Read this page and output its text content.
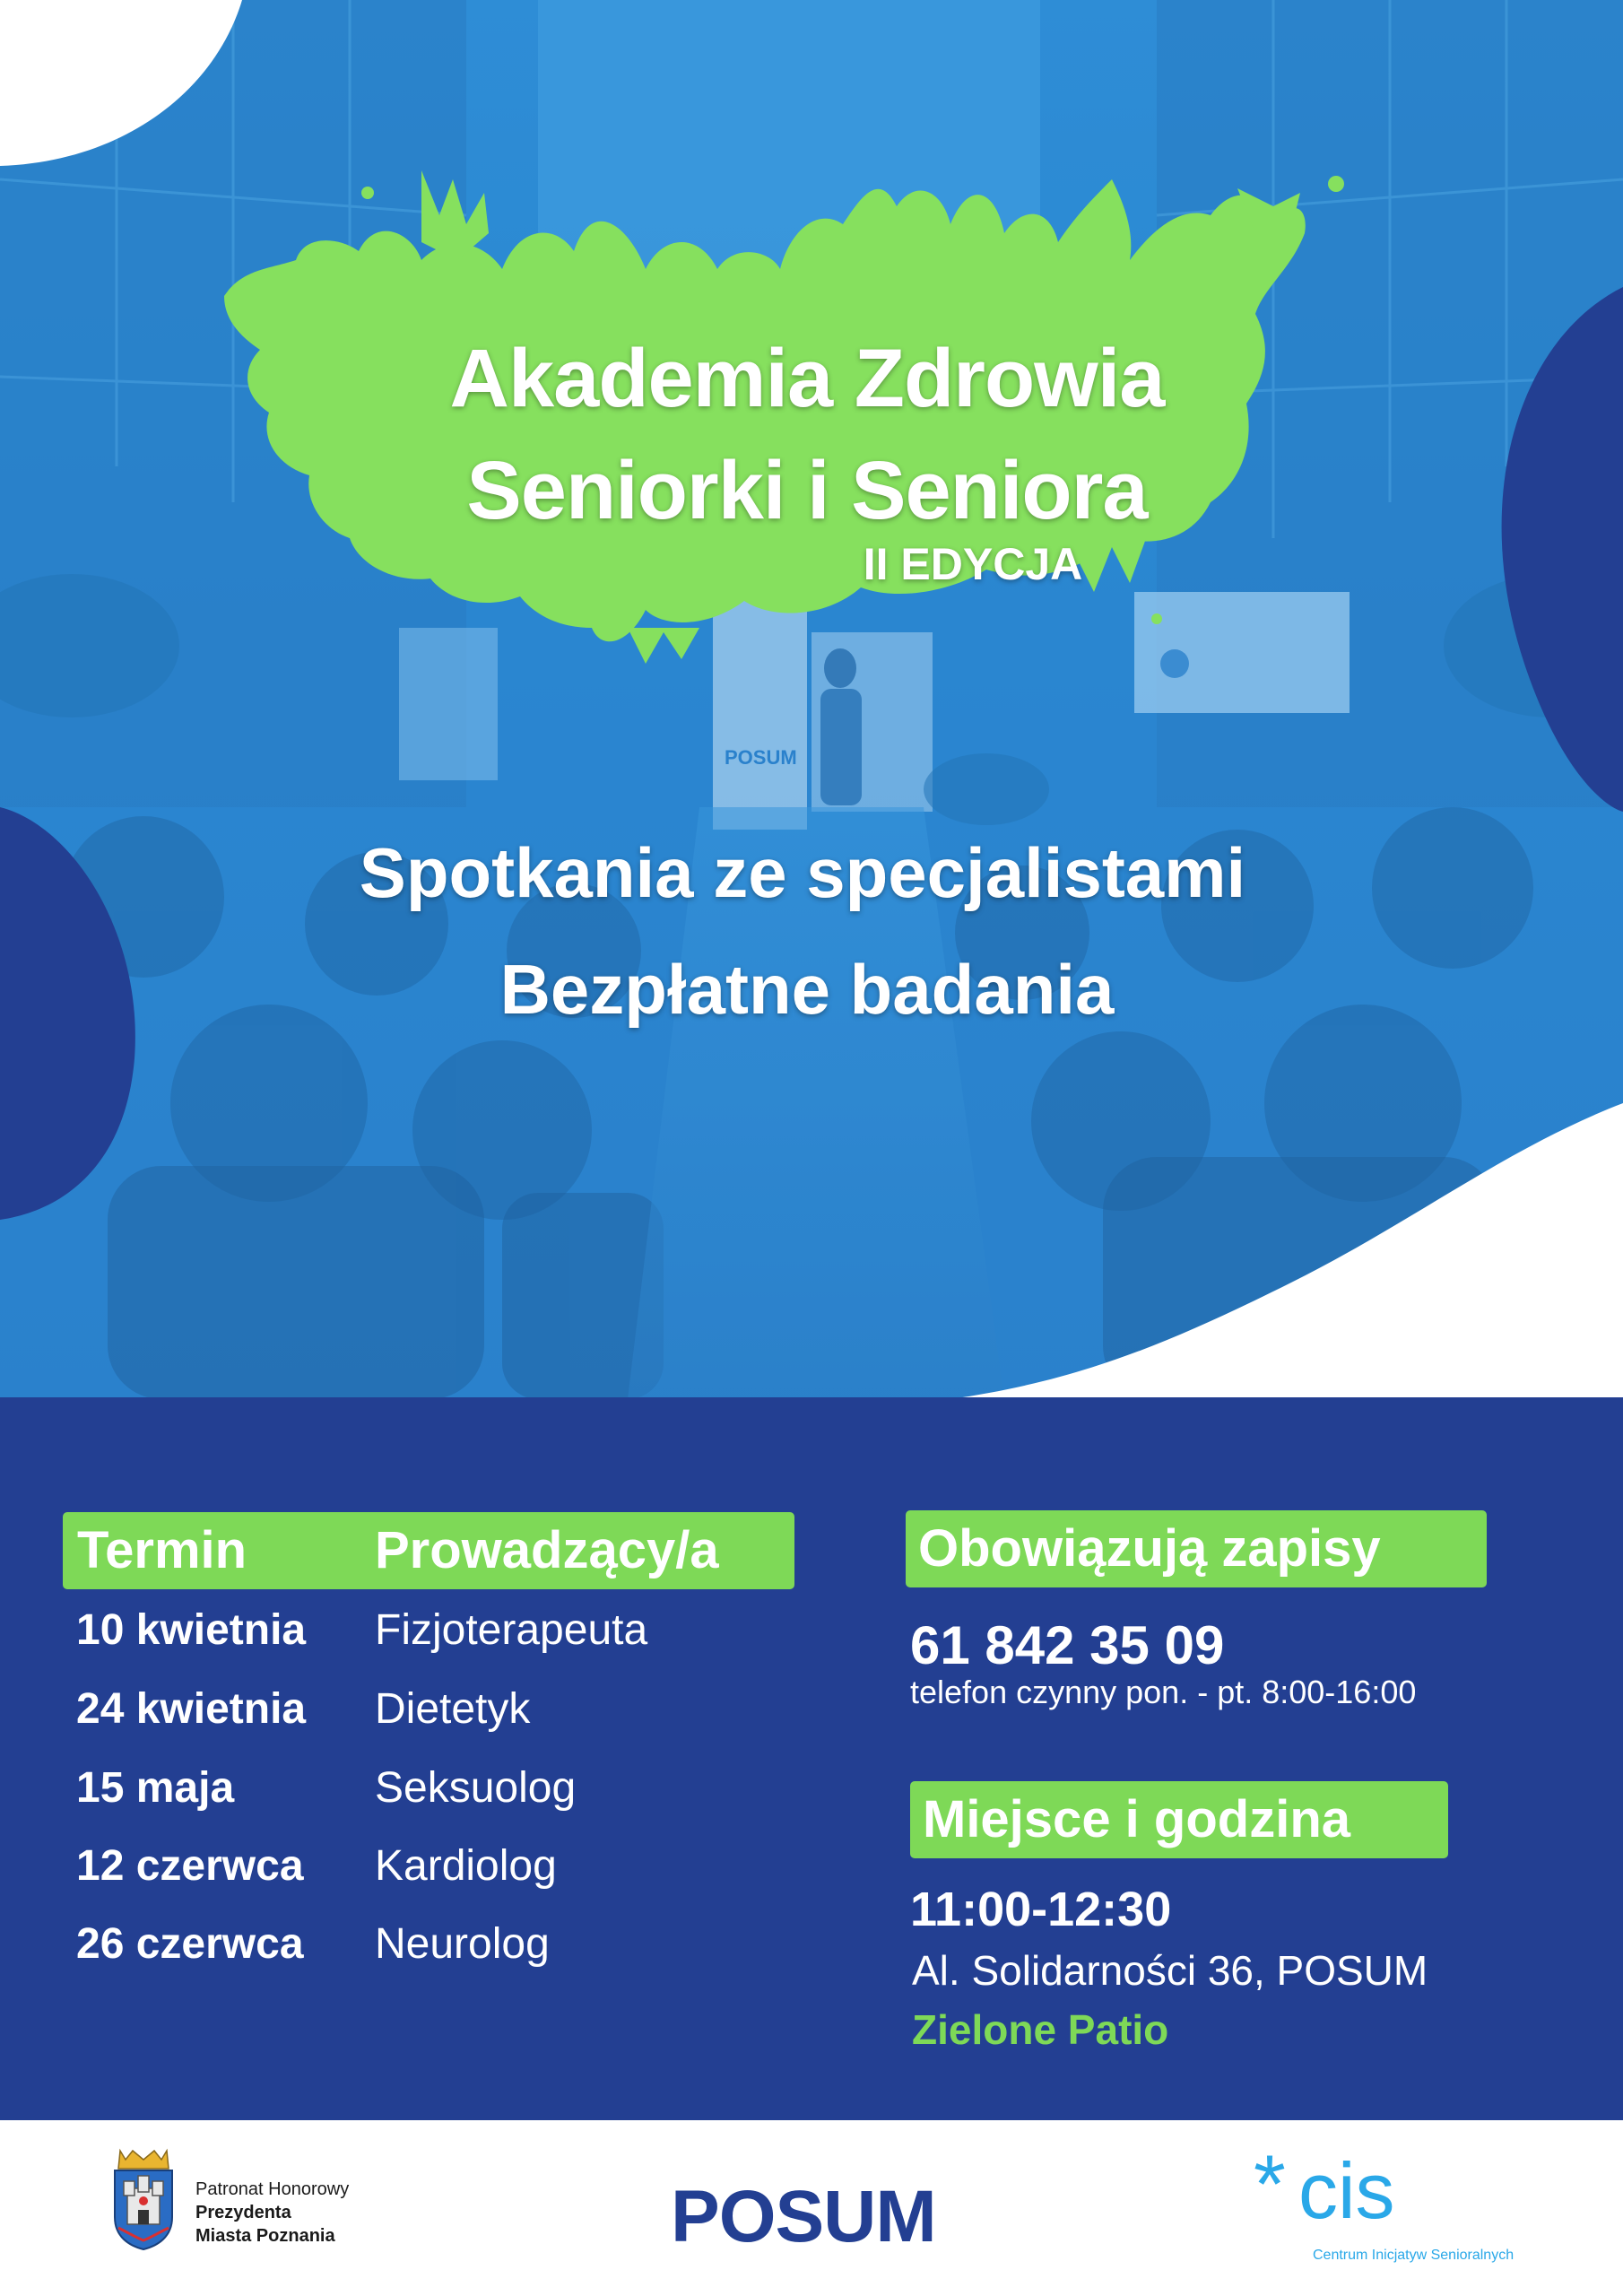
POSUM
Akademia Zdrowia
Seniorki i Seniora
II EDYCJA
Spotkania ze specjalistami
Bezpłatne badania
Termin Prowadzący/a
10 kwietnia Fizjoterapeuta
24 kwietnia Dietetyk
15 maja	Seksuolog
12 czerwca Kardiolog
26 czerwca Neurolog
Obowiązują zapisy
61 842 35 09
telefon czynny pon. - pt. 8:00-16:00
Miejsce i godzina
11:00-12:30
Al. Solidarności 36, POSUM
Zielone Patio
Patronat Honorowy
Prezydenta
Miasta Poznania	POSUM	* cis
Centrum Inicjatyw Senioralnych
